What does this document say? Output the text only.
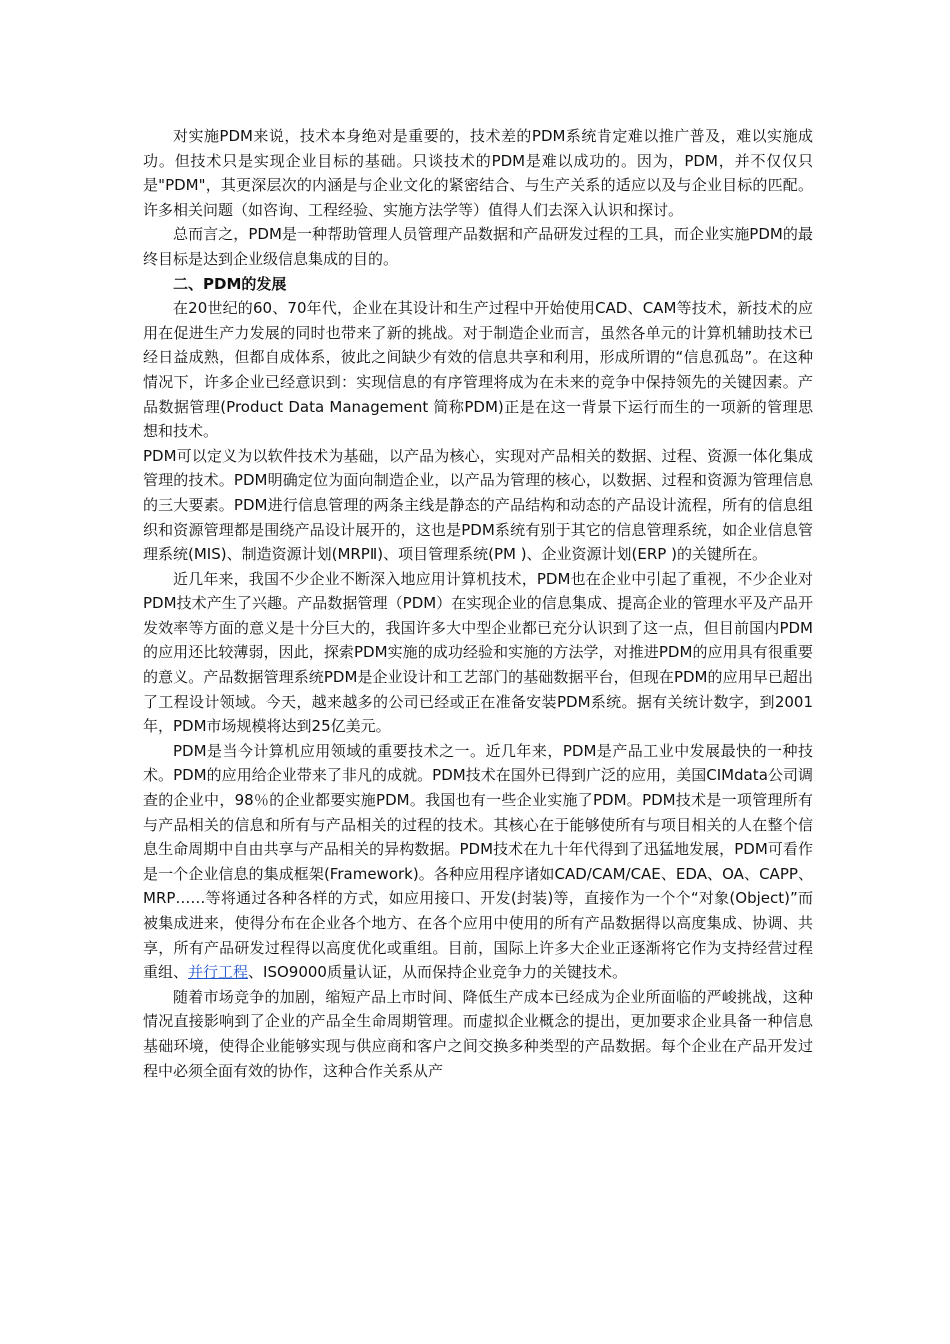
对实施PDM来说，技术本身绝对是重要的，技术差的PDM系统肯定难以推广普及，难以实施成功。但技术只是实现企业目标的基础。只谈技术的PDM是难以成功的。因为，PDM，并不仅仅只是"PDM"，其更深层次的内涵是与企业文化的紧密结合、与生产关系的适应以及与企业目标的匹配。许多相关问题（如咨询、工程经验、实施方法学等）值得人们去深入认识和探讨。

总而言之，PDM是一种帮助管理人员管理产品数据和产品研发过程的工具，而企业实施PDM的最终目标是达到企业级信息集成的目的。

二、PDM的发展

在20世纪的60、70年代，企业在其设计和生产过程中开始使用CAD、CAM等技术，新技术的应用在促进生产力发展的同时也带来了新的挑战。对于制造企业而言，虽然各单元的计算机辅助技术已经日益成熟，但都自成体系，彼此之间缺少有效的信息共享和利用，形成所谓的“信息孤岛”。在这种情况下，许多企业已经意识到：实现信息的有序管理将成为在未来的竞争中保持领先的关键因素。产品数据管理(Product Data Management 简称PDM)正是在这一背景下运行而生的一项新的管理思想和技术。

PDM可以定义为以软件技术为基础，以产品为核心，实现对产品相关的数据、过程、资源一体化集成管理的技术。PDM明确定位为面向制造企业，以产品为管理的核心，以数据、过程和资源为管理信息的三大要素。PDM进行信息管理的两条主线是静态的产品结构和动态的产品设计流程，所有的信息组织和资源管理都是围绕产品设计展开的，这也是PDM系统有别于其它的信息管理系统，如企业信息管理系统(MIS)、制造资源计划(MRPⅡ)、项目管理系统(PM )、企业资源计划(ERP )的关键所在。

近几年来，我国不少企业不断深入地应用计算机技术，PDM也在企业中引起了重视，不少企业对PDM技术产生了兴趣。产品数据管理（PDM）在实现企业的信息集成、提高企业的管理水平及产品开发效率等方面的意义是十分巨大的，我国许多大中型企业都已充分认识到了这一点，但目前国内PDM的应用还比较薄弱，因此，探索PDM实施的成功经验和实施的方法学，对推进PDM的应用具有很重要的意义。产品数据管理系统PDM是企业设计和工艺部门的基础数据平台，但现在PDM的应用早已超出了工程设计领域。今天，越来越多的公司已经或正在准备安装PDM系统。据有关统计数字，到2001年，PDM市场规模将达到25亿美元。

PDM是当今计算机应用领域的重要技术之一。近几年来，PDM是产品工业中发展最快的一种技术。PDM的应用给企业带来了非凡的成就。PDM技术在国外已得到广泛的应用，美国CIMdata公司调查的企业中，98％的企业都要实施PDM。我国也有一些企业实施了PDM。PDM技术是一项管理所有与产品相关的信息和所有与产品相关的过程的技术。其核心在于能够使所有与项目相关的人在整个信息生命周期中自由共享与产品相关的异构数据。PDM技术在九十年代得到了迅猛地发展，PDM可看作是一个企业信息的集成框架(Framework)。各种应用程序诸如CAD/CAM/CAE、EDA、OA、CAPP、MRP……等将通过各种各样的方式，如应用接口、开发(封装)等，直接作为一个个“对象(Object)”而被集成进来，使得分布在企业各个地方、在各个应用中使用的所有产品数据得以高度集成、协调、共享，所有产品研发过程得以高度优化或重组。目前，国际上许多大企业正逐渐将它作为支持经营过程重组、并行工程、ISO9000质量认证，从而保持企业竞争力的关键技术。

随着市场竞争的加剧，缩短产品上市时间、降低生产成本已经成为企业所面临的严峻挑战，这种情况直接影响到了企业的产品全生命周期管理。而虚拟企业概念的提出，更加要求企业具备一种信息基础环境，使得企业能够实现与供应商和客户之间交换多种类型的产品数据。每个企业在产品开发过程中必须全面有效的协作，这种合作关系从产
